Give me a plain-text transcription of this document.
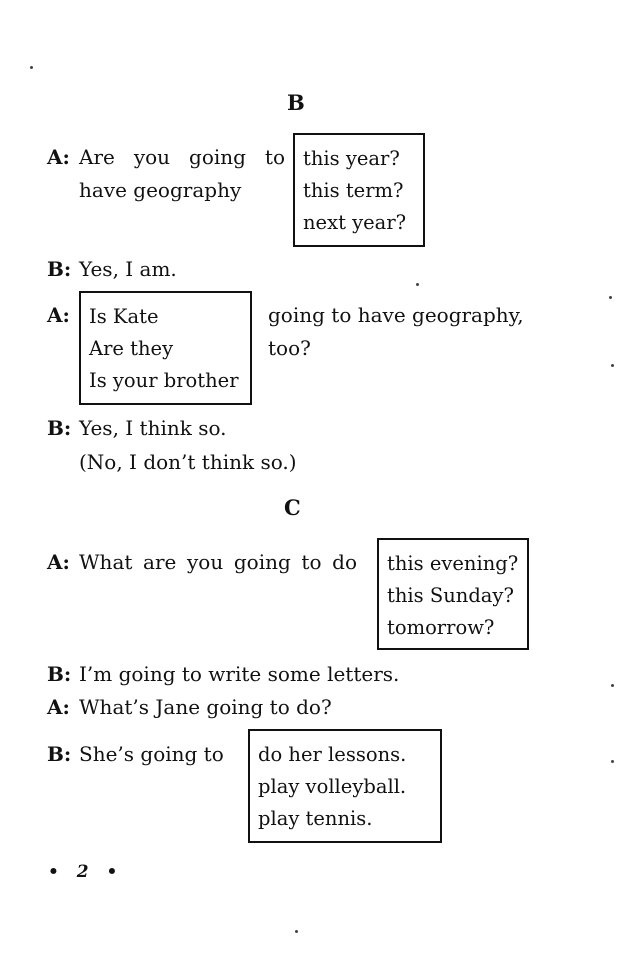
B
A: Are you going to
have geography
this year?
this term?
next year?
B: Yes, I am.
A: Is Kate
Are they
Is your brother
going to have geography,
too?
B: Yes, I think so.
(No, I don’t think so.)
C
A: What are you going to do this evening?
this Sunday?
tomorrow?
B: I’m going to write some letters.
A: What’s Jane going to do?
B: She’s going to do her lessons.
play volleyball.
play tennis.
• 2 •
